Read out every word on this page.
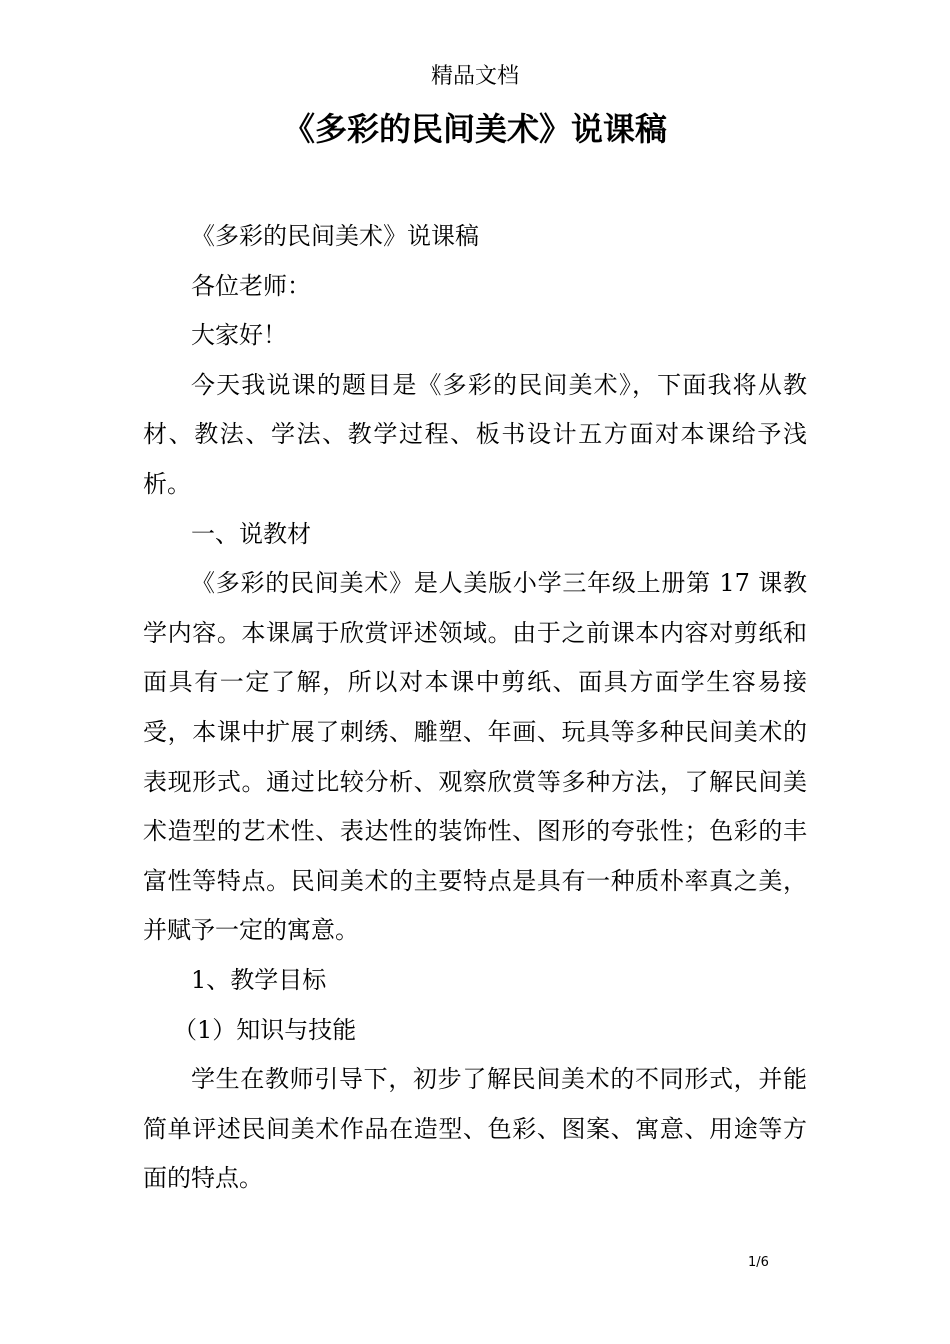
精品文档
《多彩的民间美术》说课稿

《多彩的民间美术》说课稿

各位老师：

大家好！

今天我说课的题目是《多彩的民间美术》，下面我将从教材、教法、学法、教学过程、板书设计五方面对本课给予浅析。

一、说教材

《多彩的民间美术》是人美版小学三年级上册第 17 课教学内容。本课属于欣赏评述领域。由于之前课本内容对剪纸和面具有一定了解，所以对本课中剪纸、面具方面学生容易接受，本课中扩展了刺绣、雕塑、年画、玩具等多种民间美术的表现形式。通过比较分析、观察欣赏等多种方法，了解民间美术造型的艺术性、表达性的装饰性、图形的夸张性；色彩的丰富性等特点。民间美术的主要特点是具有一种质朴率真之美，并赋予一定的寓意。

1、教学目标

（1）知识与技能

学生在教师引导下，初步了解民间美术的不同形式，并能简单评述民间美术作品在造型、色彩、图案、寓意、用途等方面的特点。

1/6
